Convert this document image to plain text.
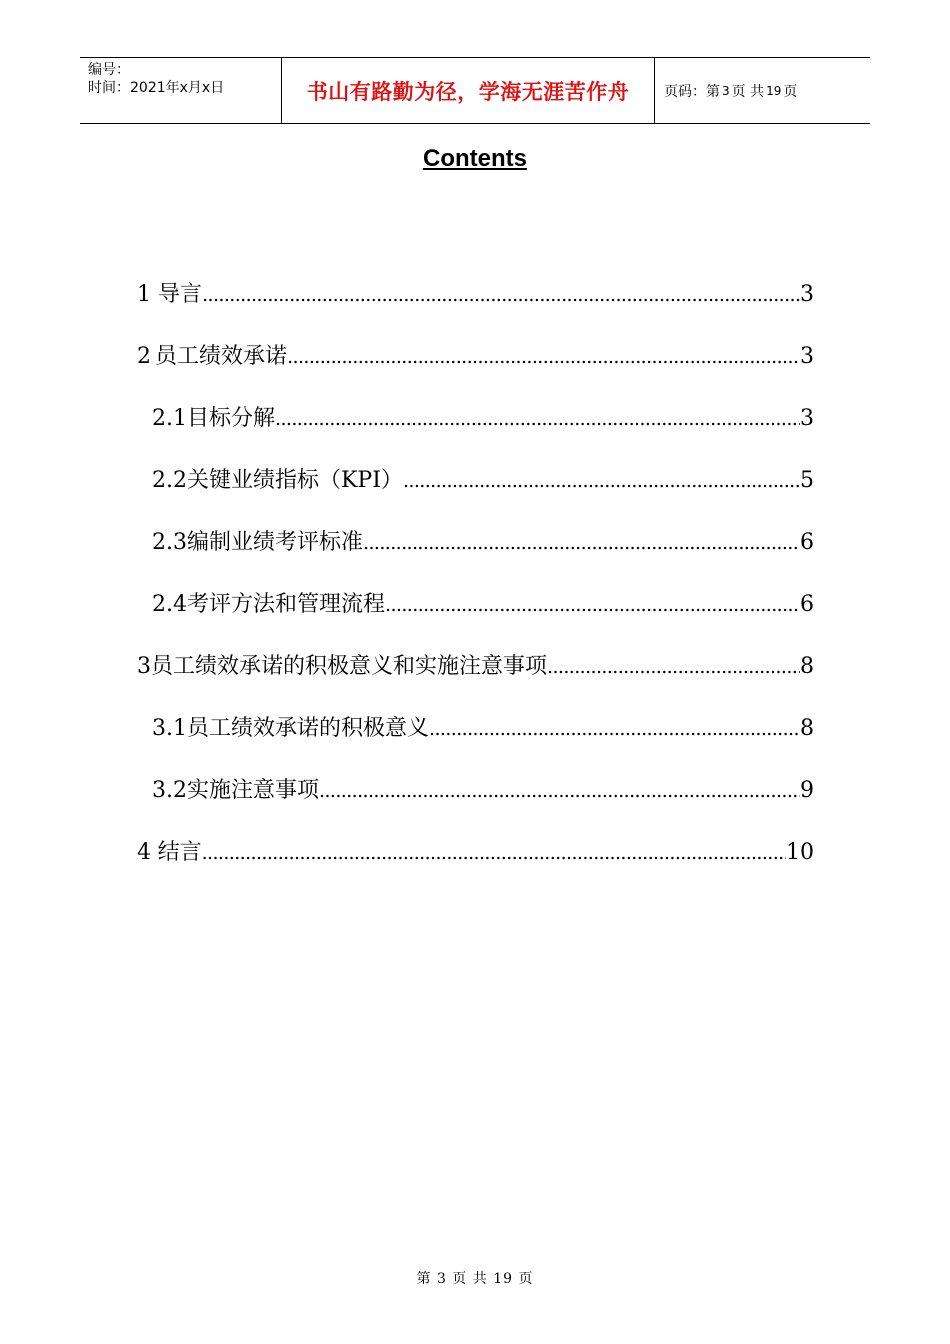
编号：
时间：2021年x月x日	书山有路勤为径，学海无涯苦作舟 页码：第 3 页 共 19 页
Contents
1 导言 .....	3
2 员工绩效承诺 .....	3
2.1 目标分解 .....	3
2.2 关键业绩指标（KPI） .....	5
2.3 编制业绩考评标准 .....	6
2.4 考评方法和管理流程 .....	6
3 员工绩效承诺的积极意义和实施注意事项 .....	8
3.1 员工绩效承诺的积极意义 .....	8
3.2 实施注意事项 .....	9
4 结言 .....	10
第 3 页 共 19 页
